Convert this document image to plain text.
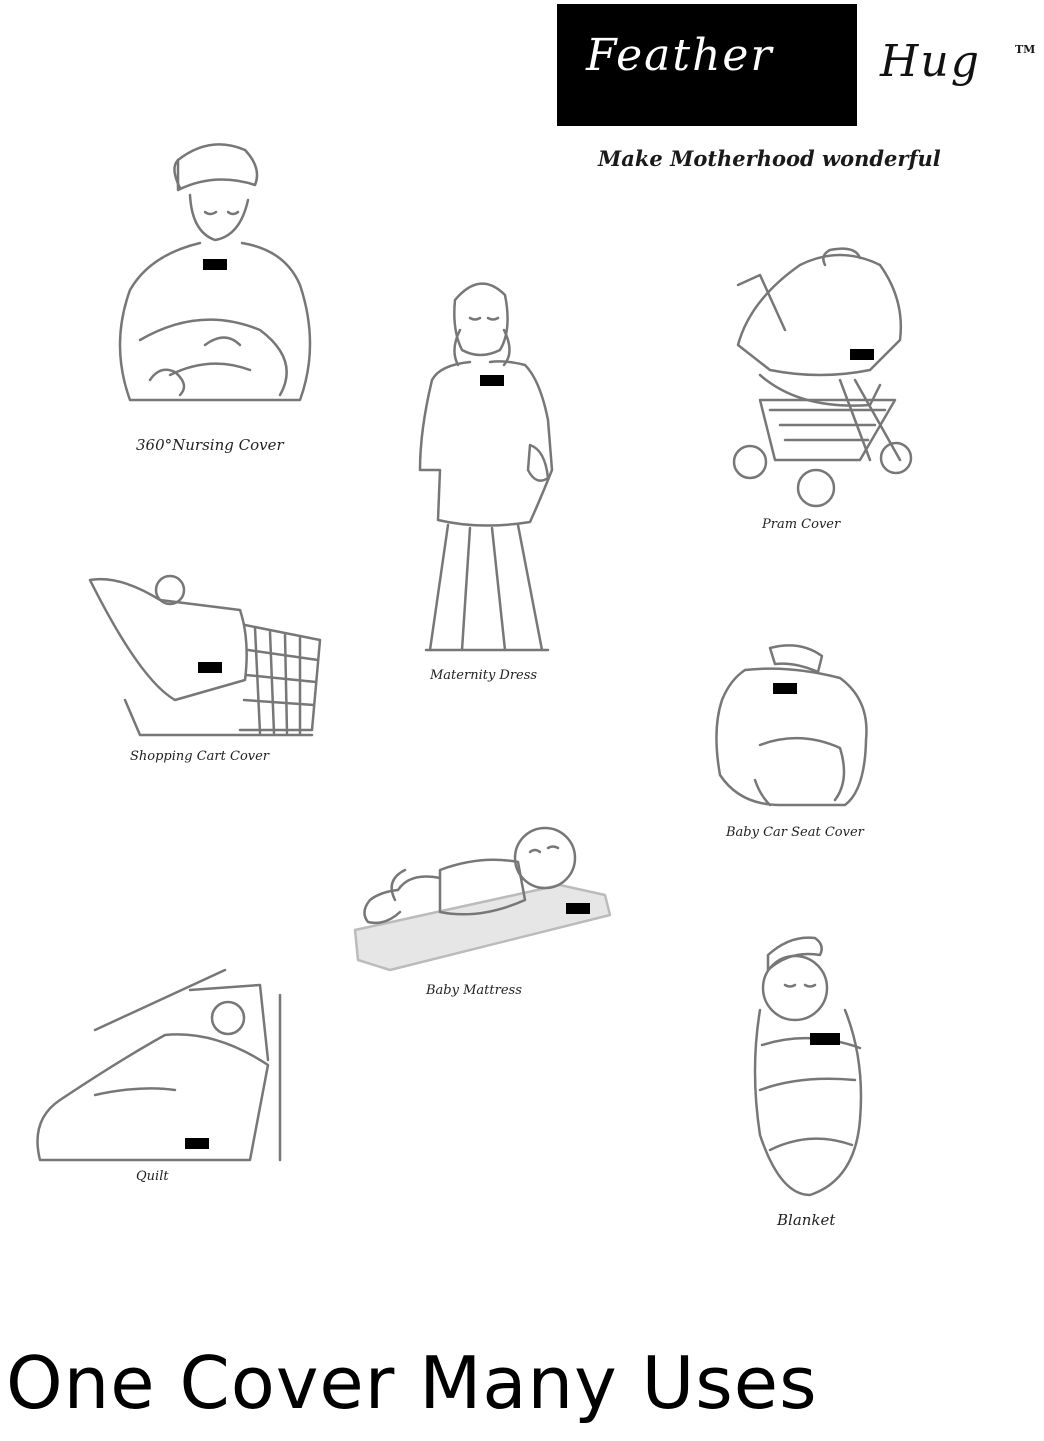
Feather Hug	TM
Make Motherhood wonderful
360°Nursing Cover
Maternity Dress
Pram Cover
Shopping Cart Cover
Baby Car Seat Cover
Baby Mattress
Quilt
Blanket
One Cover Many Uses
